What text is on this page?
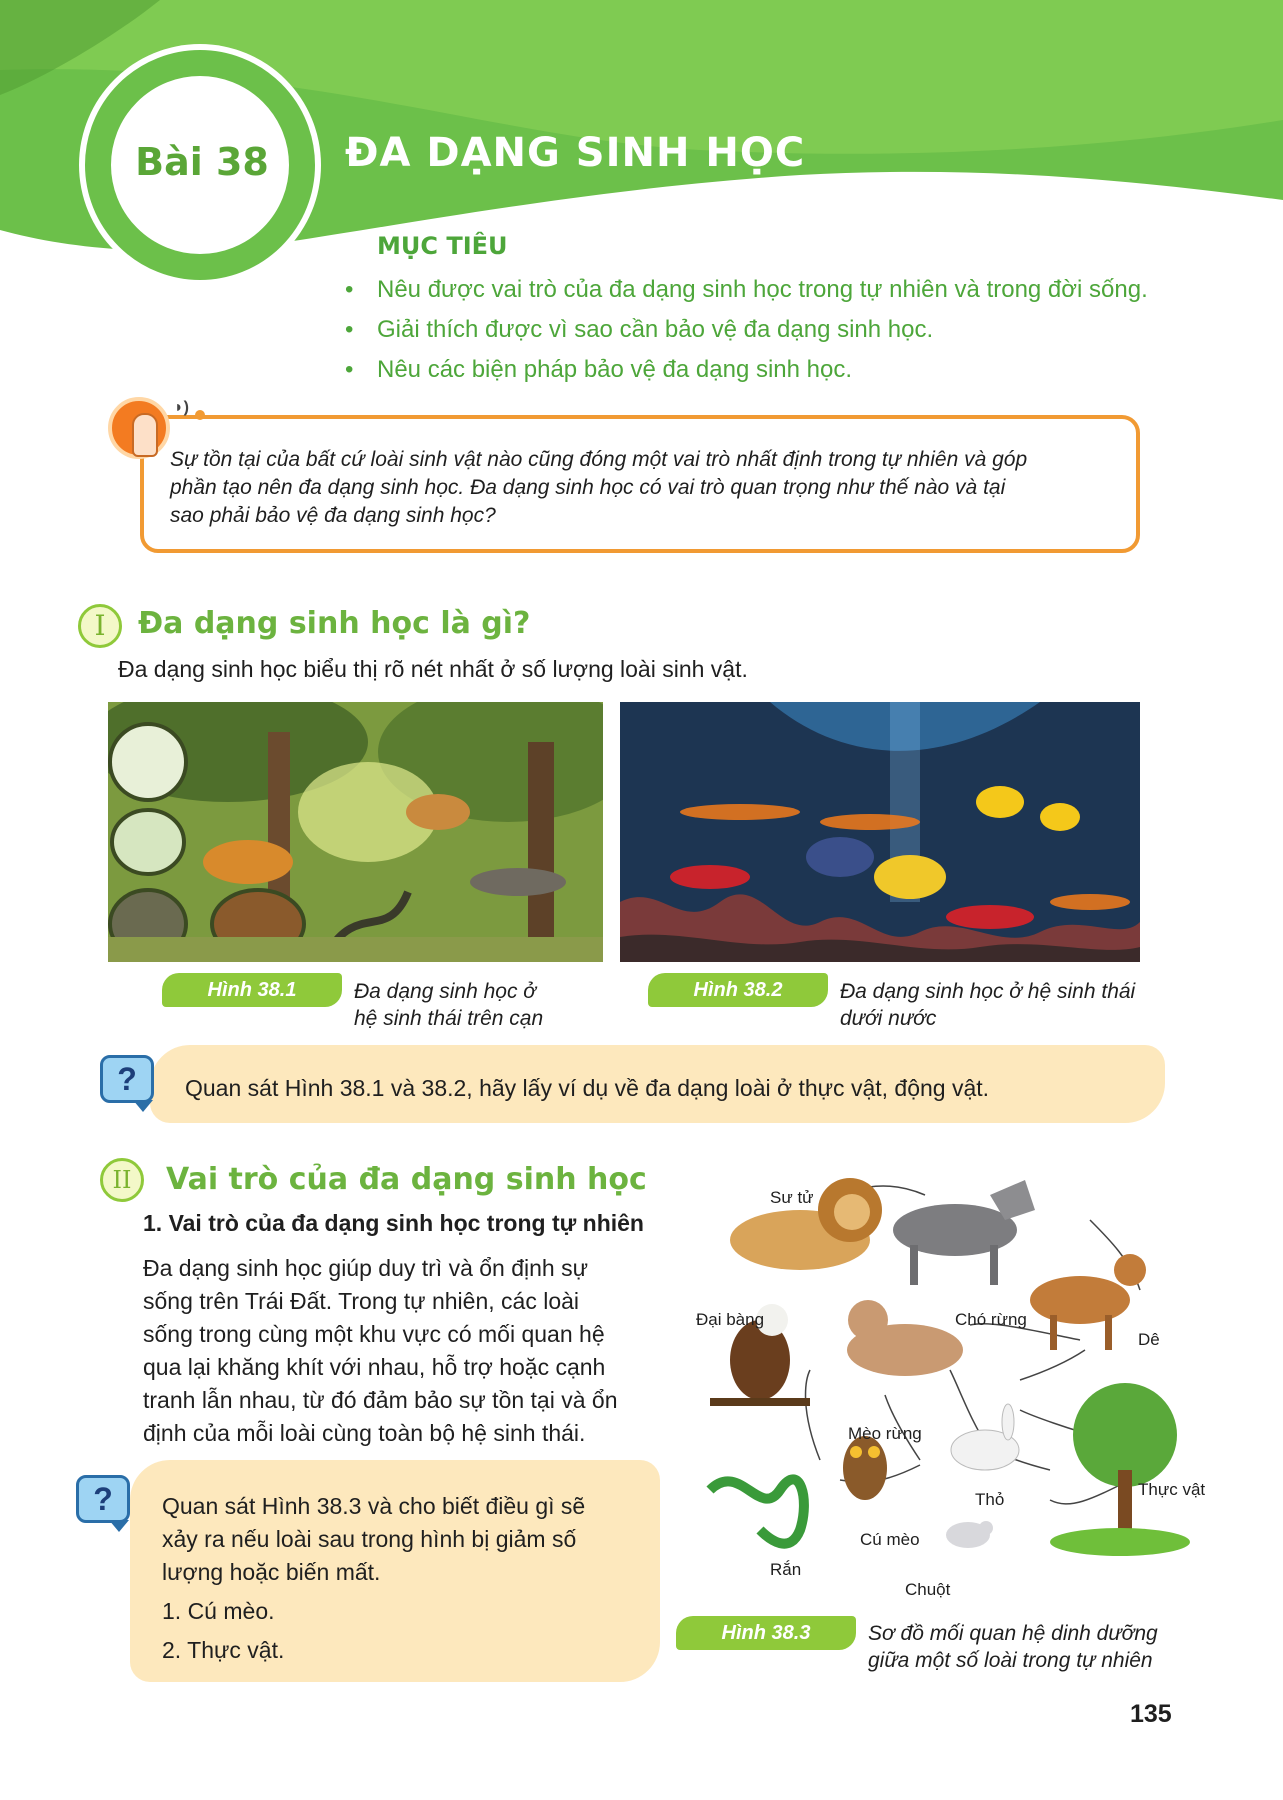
Bài 38	ĐA DẠNG SINH HỌC
MỤC TIÊU
• Nêu được vai trò của đa dạng sinh học trong tự nhiên và trong đời sống.
• Giải thích được vì sao cần bảo vệ đa dạng sinh học.
• Nêu các biện pháp bảo vệ đa dạng sinh học.
◗)
Sự tồn tại của bất cứ loài sinh vật nào cũng đóng một vai trò nhất định trong tự nhiên và góp
phần tạo nên đa dạng sinh học. Đa dạng sinh học có vai trò quan trọng như thế nào và tại
sao phải bảo vệ đa dạng sinh học?
I	Đa dạng sinh học là gì?
Đa dạng sinh học biểu thị rõ nét nhất ở số lượng loài sinh vật.
Hình 38.1	Đa dạng sinh học ở
hệ sinh thái trên cạn
Hình 38.2	Đa dạng sinh học ở hệ sinh thái
dưới nước
?	Quan sát Hình 38.1 và 38.2, hãy lấy ví dụ về đa dạng loài ở thực vật, động vật.
II	Vai trò của đa dạng sinh học
1. Vai trò của đa dạng sinh học trong tự nhiên
Đa dạng sinh học giúp duy trì và ổn định sự
sống trên Trái Đất. Trong tự nhiên, các loài
sống trong cùng một khu vực có mối quan hệ
qua lại khăng khít với nhau, hỗ trợ hoặc cạnh
tranh lẫn nhau, từ đó đảm bảo sự tồn tại và ổn
định của mỗi loài cùng toàn bộ hệ sinh thái.
?	Quan sát Hình 38.3 và cho biết điều gì sẽ
xảy ra nếu loài sau trong hình bị giảm số
lượng hoặc biến mất.
1. Cú mèo.
2. Thực vật.
Sư tử
Chó rừng
Dê
Đại bàng
Mèo rừng
Thỏ
Thực vật
Cú mèo
Rắn
Chuột
Hình 38.3	Sơ đồ mối quan hệ dinh dưỡng
giữa một số loài trong tự nhiên
135
